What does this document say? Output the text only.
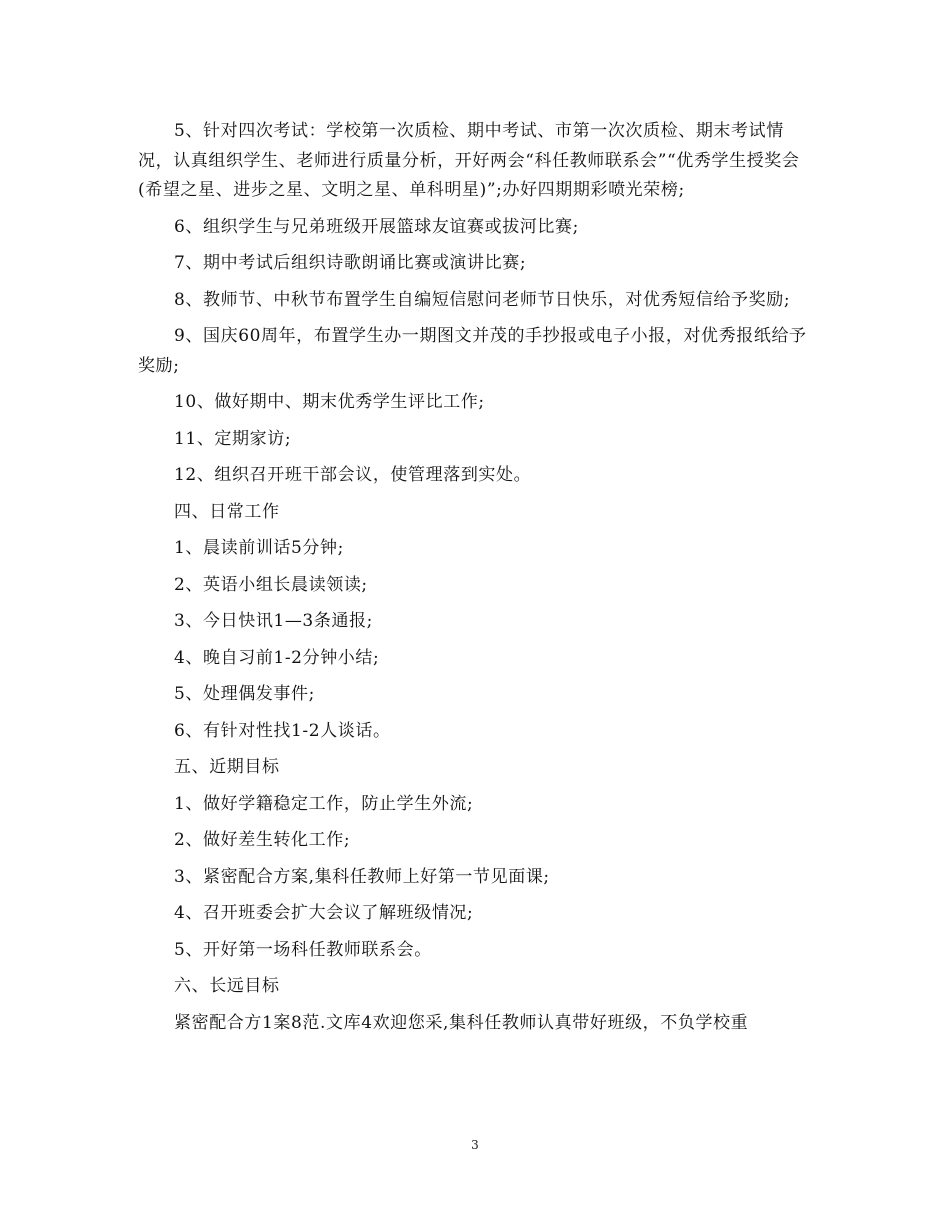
5、针对四次考试：学校第一次质检、期中考试、市第一次次质检、期末考试情况，认真组织学生、老师进行质量分析，开好两会“科任教师联系会”“优秀学生授奖会(希望之星、进步之星、文明之星、单科明星)”;办好四期期彩喷光荣榜;

6、组织学生与兄弟班级开展篮球友谊赛或拔河比赛;

7、期中考试后组织诗歌朗诵比赛或演讲比赛;

8、教师节、中秋节布置学生自编短信慰问老师节日快乐，对优秀短信给予奖励;

9、国庆60周年，布置学生办一期图文并茂的手抄报或电子小报，对优秀报纸给予奖励;

10、做好期中、期末优秀学生评比工作;

11、定期家访;

12、组织召开班干部会议，使管理落到实处。

四、日常工作

1、晨读前训话5分钟;

2、英语小组长晨读领读;

3、今日快讯1—3条通报;

4、晚自习前1-2分钟小结;

5、处理偶发事件;

6、有针对性找1-2人谈话。

五、近期目标

1、做好学籍稳定工作，防止学生外流;

2、做好差生转化工作;

3、紧密配合方案,集科任教师上好第一节见面课;

4、召开班委会扩大会议了解班级情况;

5、开好第一场科任教师联系会。

六、长远目标

紧密配合方1案8范.文库4欢迎您采,集科任教师认真带好班级，不负学校重

3
